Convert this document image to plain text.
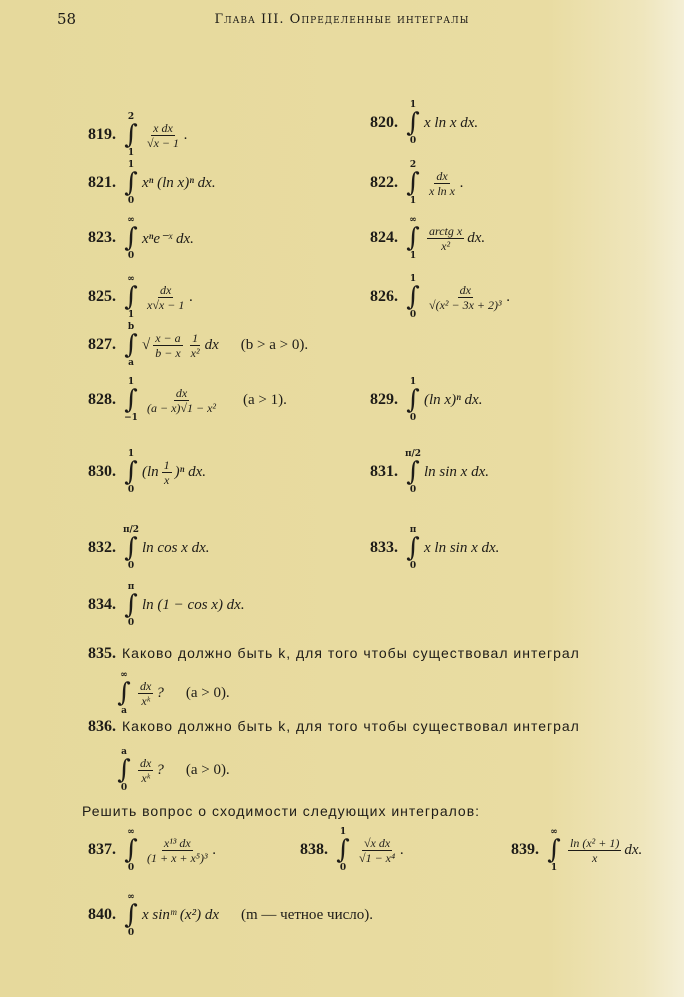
58	Глава III. Определенные интегралы
819.
2
∫
1
$\frac{\text{x dx}}{√x - 1}$ .
820.
1
∫
0
x ln x dx.
821.
1
∫
0
xⁿ (ln x)ⁿ dx.	822.
2
∫
1
$\frac{dx}{\text{x ln x}}$ .
823.
∞
∫
0
xⁿe⁻ˣ dx.	824.
∞
∫
1
$\frac{\text{arctg x}}{\text{x²}}$ dx.
825.
∞
∫
1
$\frac{dx}{x√x - 1}$ .	826.
1
∫
0
$\frac{dx}{\text{√(x² − 3x + 2)³}}$ .
827.
b
∫
a
√ $\frac{x - a}{b - x} \frac{1}{\text{x²}}$ dx (b > a > 0).
828.
1
∫
−1
$\frac{dx}{\text{(a − x)√1 − x²}} (a > 1)$.	829.
1
∫
0
(ln x)ⁿ dx.
830.
1
∫
0
$(\ln \frac{1}{x} )^n$ dx.	831.
π/2
∫
0
ln sin x dx.
832.
π/2
∫
0
ln cos x dx.	833.
π
∫
0
x ln sin x dx.
834.
π
∫
0
ln (1 − cos x) dx.
∞
∫
a
$\frac{dx}{\text{xᵏ}}$ ? (a > 0).
a
∫
0
$\frac{dx}{\text{xᵏ}}$ ? (a > 0).
837.
∞
∫
0
$\frac{\text{x¹³ dx}}{\text{(1 + x + x⁵)³}}$ .	838.
1
∫
0
$\frac{\text{√x dx}}{\text{√1 − x⁴}}$ .	839.
∞
∫
1
$\frac{\text{ln (x² + 1)}}{x}$ dx.
840.
∞
∫
0
x sinᵐ (x²) dx (m — четное число).
835. Каково должно быть k, для того чтобы существовал интеграл
836. Каково должно быть k, для того чтобы существовал интеграл
Решить вопрос о сходимости следующих интегралов:
